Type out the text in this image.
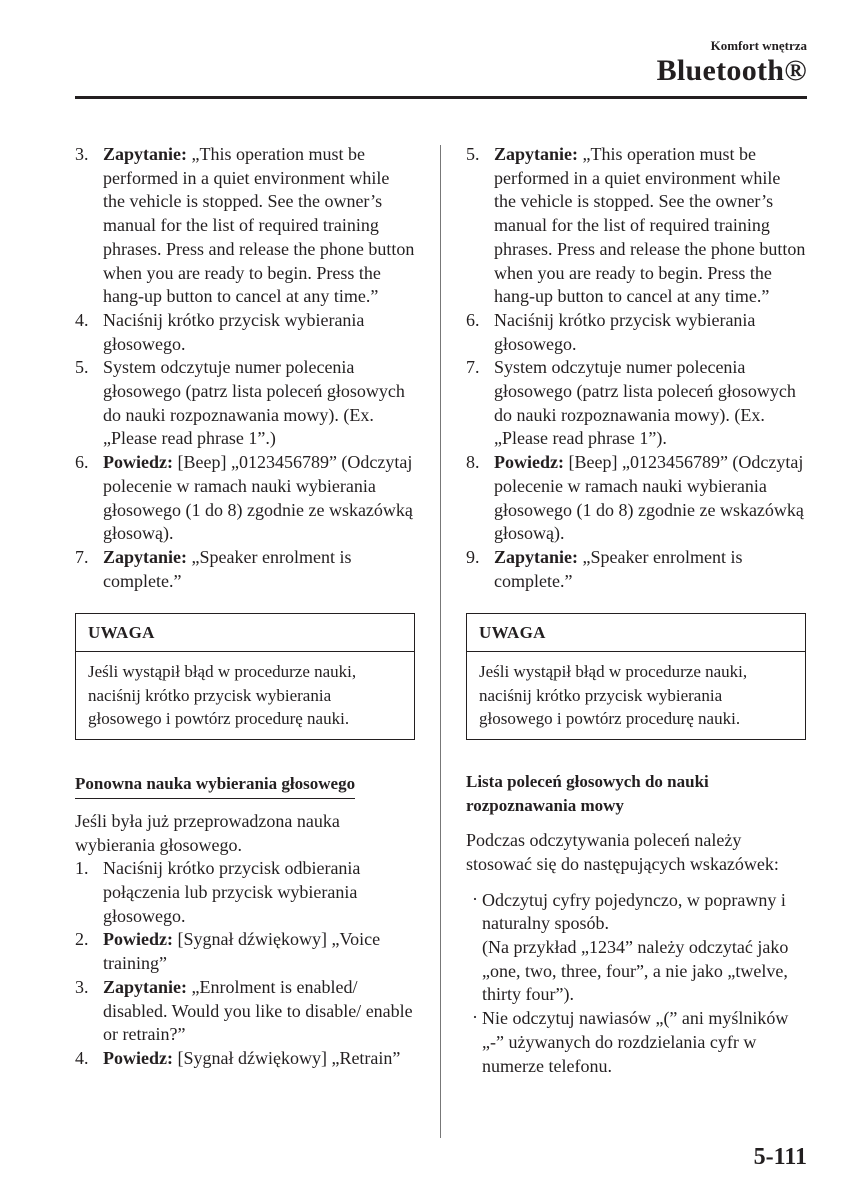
Komfort wnętrza
Bluetooth®
3. Zapytanie: „This operation must be performed in a quiet environment while the vehicle is stopped. See the owner’s manual for the list of required training phrases. Press and release the phone button when you are ready to begin. Press the hang-up button to cancel at any time.”
4. Naciśnij krótko przycisk wybierania głosowego.
5. System odczytuje numer polecenia głosowego (patrz lista poleceń głosowych do nauki rozpoznawania mowy). (Ex. „Please read phrase 1”.)
6. Powiedz: [Beep] „0123456789” (Odczytaj polecenie w ramach nauki wybierania głosowego (1 do 8) zgodnie ze wskazówką głosową).
7. Zapytanie: „Speaker enrolment is complete.”
UWAGA
Jeśli wystąpił błąd w procedurze nauki, naciśnij krótko przycisk wybierania głosowego i powtórz procedurę nauki.
Ponowna nauka wybierania głosowego
Jeśli była już przeprowadzona nauka wybierania głosowego.
1. Naciśnij krótko przycisk odbierania połączenia lub przycisk wybierania głosowego.
2. Powiedz: [Sygnał dźwiękowy] „Voice training”
3. Zapytanie: „Enrolment is enabled/ disabled. Would you like to disable/ enable or retrain?”
4. Powiedz: [Sygnał dźwiękowy] „Retrain”
5. Zapytanie: „This operation must be performed in a quiet environment while the vehicle is stopped. See the owner’s manual for the list of required training phrases. Press and release the phone button when you are ready to begin. Press the hang-up button to cancel at any time.”
6. Naciśnij krótko przycisk wybierania głosowego.
7. System odczytuje numer polecenia głosowego (patrz lista poleceń głosowych do nauki rozpoznawania mowy). (Ex. „Please read phrase 1”).
8. Powiedz: [Beep] „0123456789” (Odczytaj polecenie w ramach nauki wybierania głosowego (1 do 8) zgodnie ze wskazówką głosową).
9. Zapytanie: „Speaker enrolment is complete.”
UWAGA
Jeśli wystąpił błąd w procedurze nauki, naciśnij krótko przycisk wybierania głosowego i powtórz procedurę nauki.
Lista poleceń głosowych do nauki rozpoznawania mowy
Podczas odczytywania poleceń należy stosować się do następujących wskazówek:
· Odczytuj cyfry pojedynczo, w poprawny i naturalny sposób.
(Na przykład „1234” należy odczytać jako „one, two, three, four”, a nie jako „twelve, thirty four”).
· Nie odczytuj nawiasów „(” ani myślników „-” używanych do rozdzielania cyfr w numerze telefonu.
5-111
